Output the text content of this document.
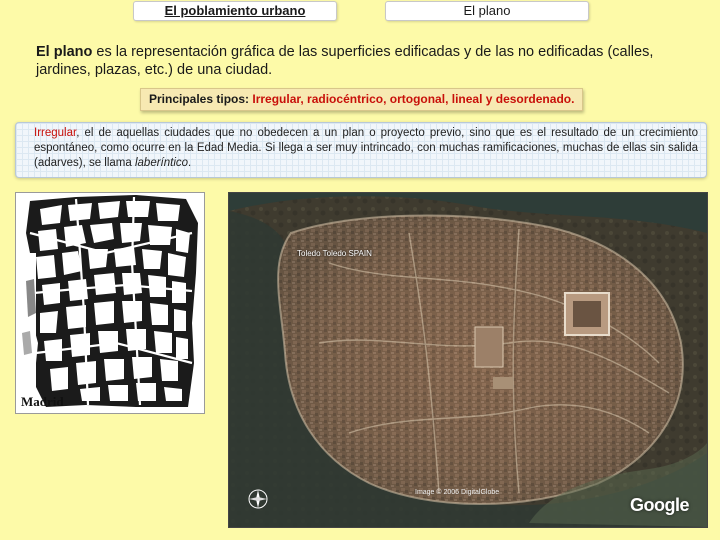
El poblamiento urbano	El plano

El plano es la representación gráfica de las superficies edificadas y de las no edificadas (calles, jardines, plazas, etc.) de una ciudad.

Principales tipos: Irregular, radiocéntrico, ortogonal, lineal y desordenado.
Irregular, el de aquellas ciudades que no obedecen a un plan o proyecto previo, sino que es el resultado de un crecimiento espontáneo, como ocurre en la Edad Media. Si llega a ser muy intrincado, con muchas ramificaciones, muchas de ellas sin salida (adarves), se llama laberíntico.
Madrid
Toledo Toledo SPAIN
Image © 2006 DigitalGlobe
Google
